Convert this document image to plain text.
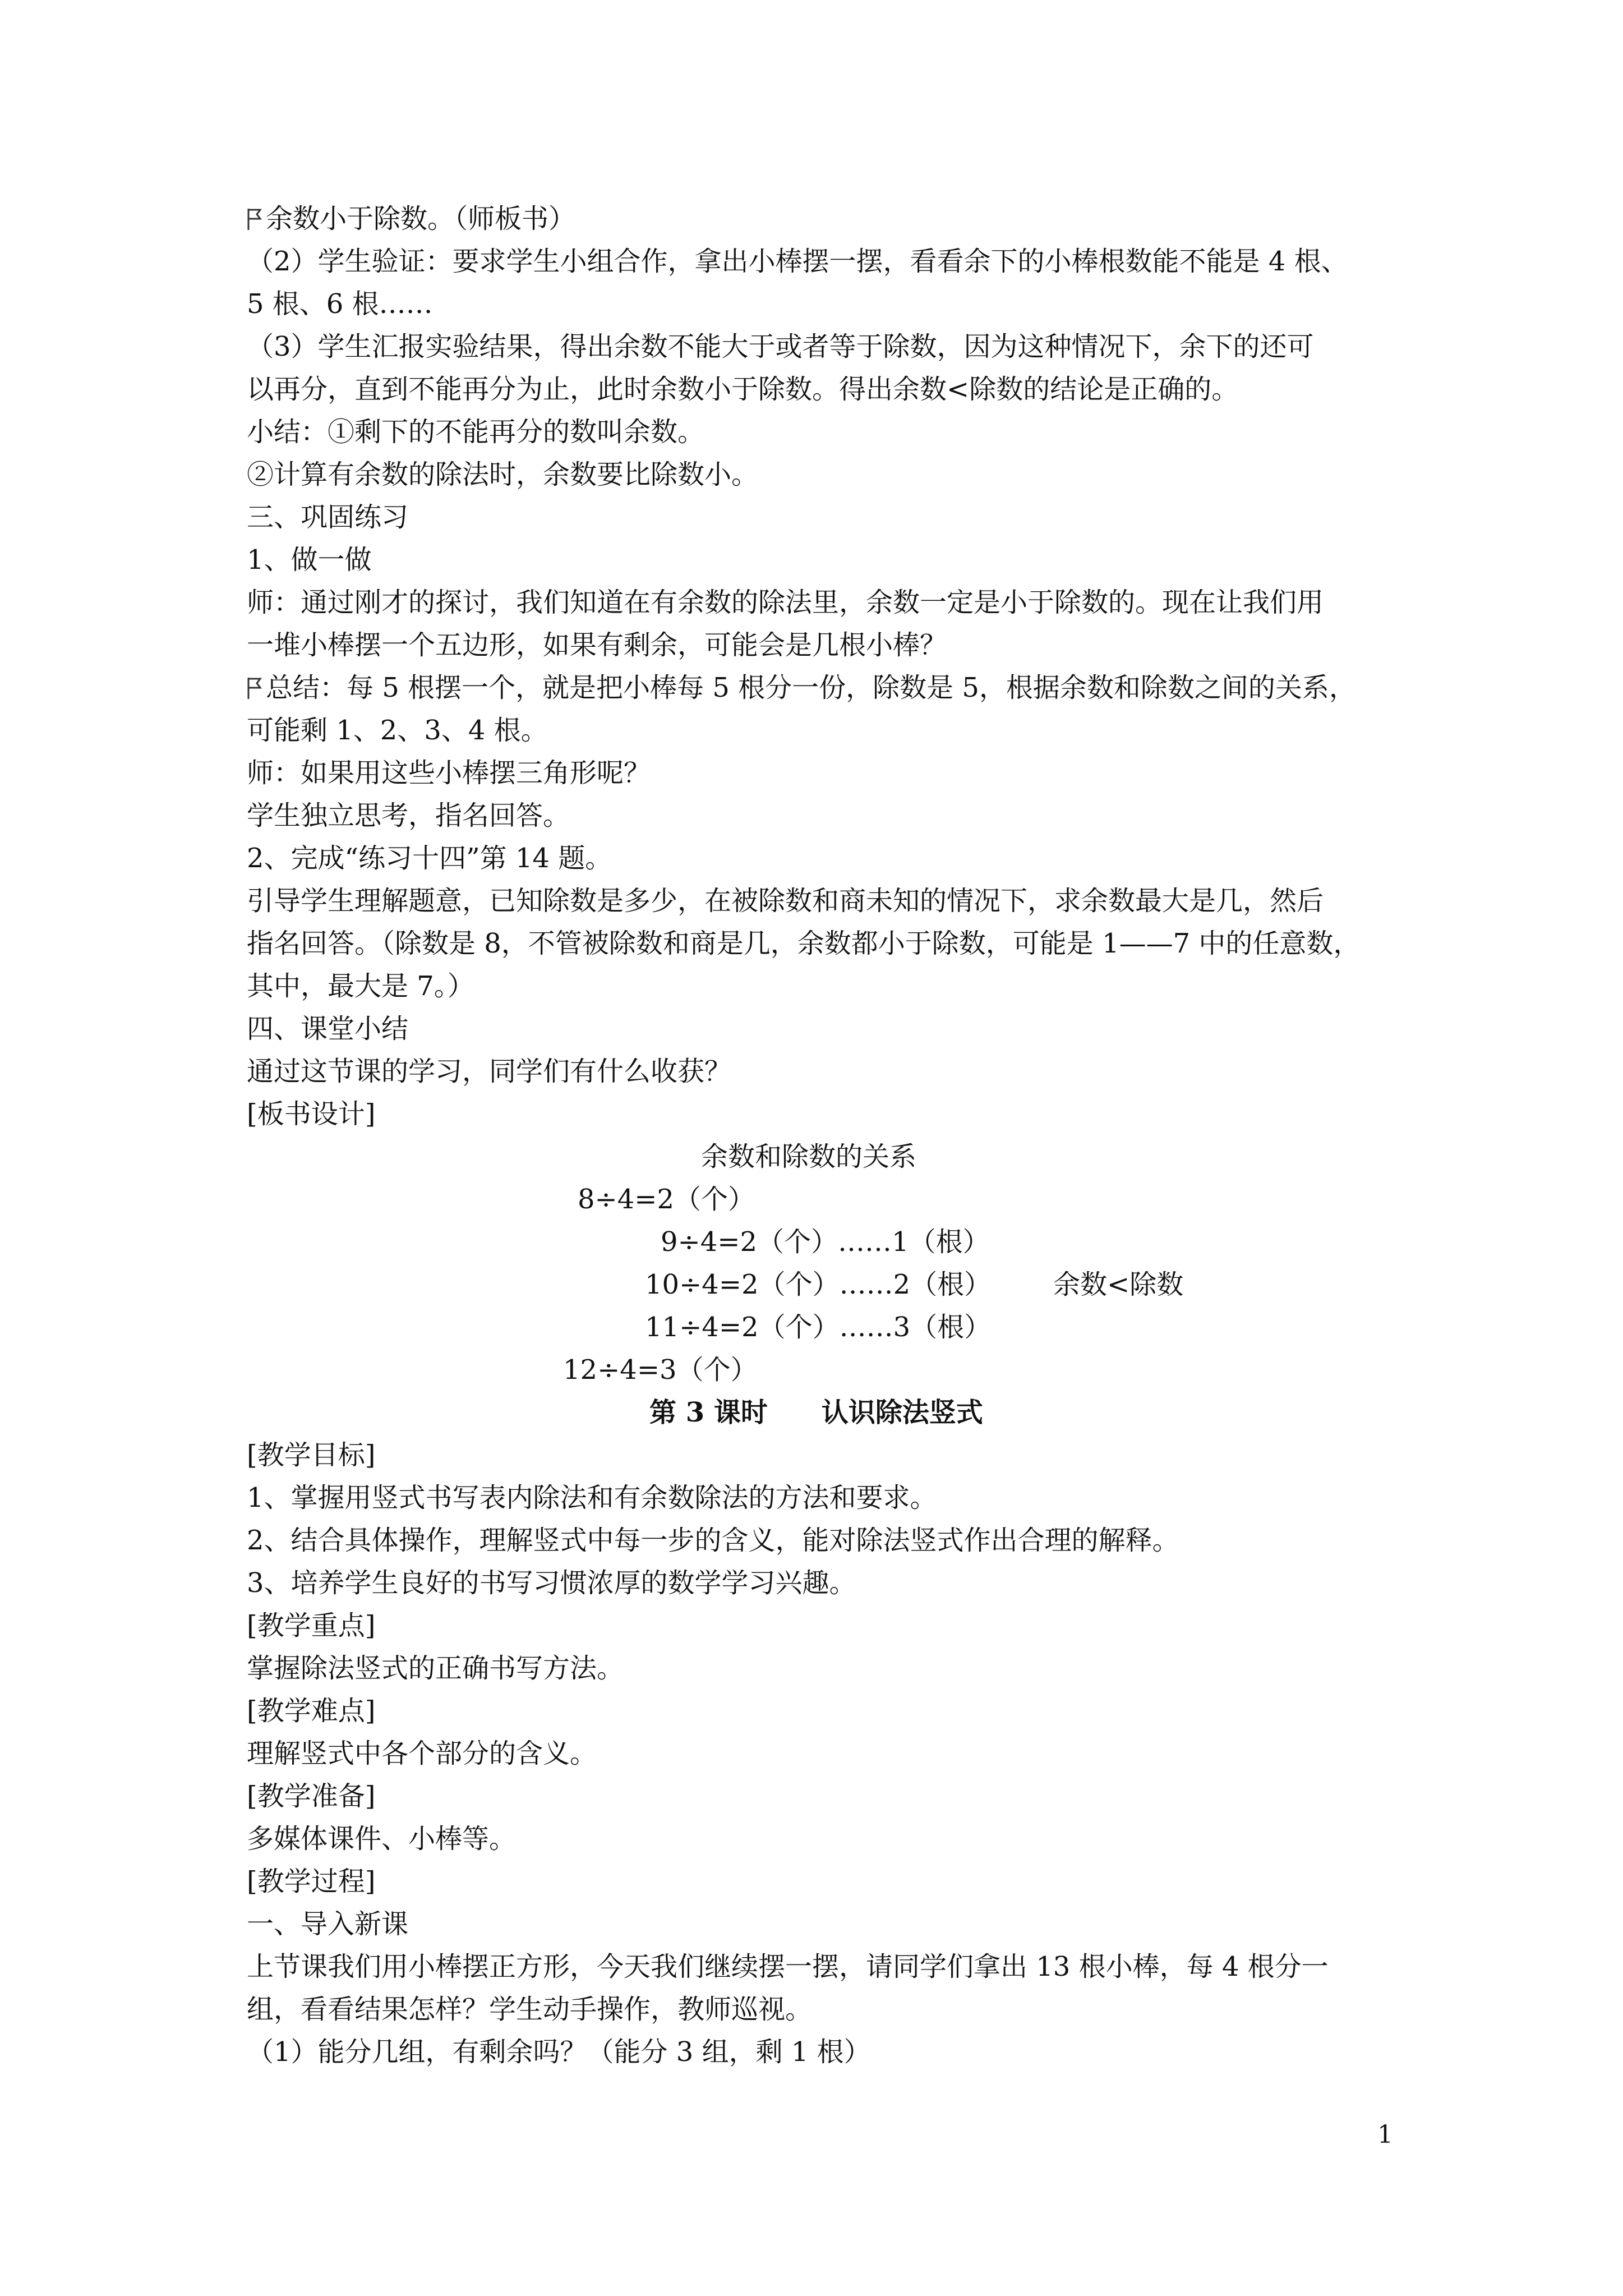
余数小于除数。（师板书）
（2）学生验证：要求学生小组合作，拿出小棒摆一摆，看看余下的小棒根数能不能是 4 根、
5 根、6 根……
（3）学生汇报实验结果，得出余数不能大于或者等于除数，因为这种情况下，余下的还可
以再分，直到不能再分为止，此时余数小于除数。得出余数<除数的结论是正确的。
小结：①剩下的不能再分的数叫余数。
②计算有余数的除法时，余数要比除数小。
三、巩固练习
1、做一做
师：通过刚才的探讨，我们知道在有余数的除法里，余数一定是小于除数的。现在让我们用
一堆小棒摆一个五边形，如果有剩余，可能会是几根小棒？
总结：每 5 根摆一个，就是把小棒每 5 根分一份，除数是 5，根据余数和除数之间的关系，
可能剩 1、2、3、4 根。
师：如果用这些小棒摆三角形呢？
学生独立思考，指名回答。
2、完成“练习十四”第 14 题。
引导学生理解题意，已知除数是多少，在被除数和商未知的情况下，求余数最大是几，然后
指名回答。（除数是 8，不管被除数和商是几，余数都小于除数，可能是 1——7 中的任意数，
其中，最大是 7。）
四、课堂小结
通过这节课的学习，同学们有什么收获？
[板书设计]
余数和除数的关系
8÷4=2（个）
9÷4=2（个）……1（根）
10÷4=2（个）……2（根） 余数<除数
11÷4=2（个）……3（根）
12÷4=3（个）
第 3 课时　　认识除法竖式
[教学目标]
1、掌握用竖式书写表内除法和有余数除法的方法和要求。
2、结合具体操作，理解竖式中每一步的含义，能对除法竖式作出合理的解释。
3、培养学生良好的书写习惯浓厚的数学学习兴趣。
[教学重点]
掌握除法竖式的正确书写方法。
[教学难点]
理解竖式中各个部分的含义。
[教学准备]
多媒体课件、小棒等。
[教学过程]
一、导入新课
上节课我们用小棒摆正方形，今天我们继续摆一摆，请同学们拿出 13 根小棒，每 4 根分一
组，看看结果怎样？学生动手操作，教师巡视。
（1）能分几组，有剩余吗？（能分 3 组，剩 1 根）
1
